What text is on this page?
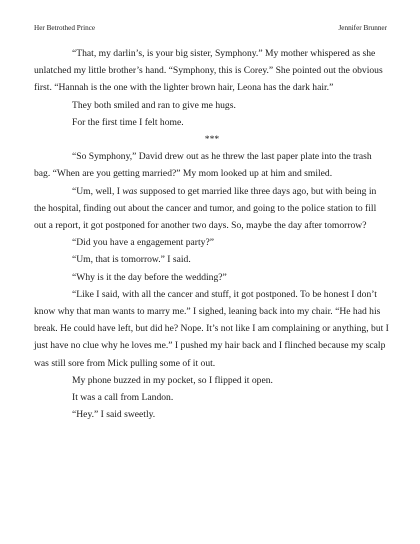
Her Betrothed Prince	Jennifer Brunner

“That, my darlin’s, is your big sister, Symphony.” My mother whispered as she unlatched my little brother’s hand. “Symphony, this is Corey.” She pointed out the obvious first. “Hannah is the one with the lighter brown hair, Leona has the dark hair.”

They both smiled and ran to give me hugs.

For the first time I felt home.

***

“So Symphony,” David drew out as he threw the last paper plate into the trash bag. “When are you getting married?” My mom looked up at him and smiled.

“Um, well, I was supposed to get married like three days ago, but with being in the hospital, finding out about the cancer and tumor, and going to the police station to fill out a report, it got postponed for another two days. So, maybe the day after tomorrow?

“Did you have a engagement party?”

“Um, that is tomorrow.” I said.

“Why is it the day before the wedding?”

“Like I said, with all the cancer and stuff, it got postponed. To be honest I don’t know why that man wants to marry me.” I sighed, leaning back into my chair. “He had his break. He could have left, but did he? Nope. It’s not like I am complaining or anything, but I just have no clue why he loves me.” I pushed my hair back and I flinched because my scalp was still sore from Mick pulling some of it out.

My phone buzzed in my pocket, so I flipped it open.

It was a call from Landon.

“Hey.” I said sweetly.
